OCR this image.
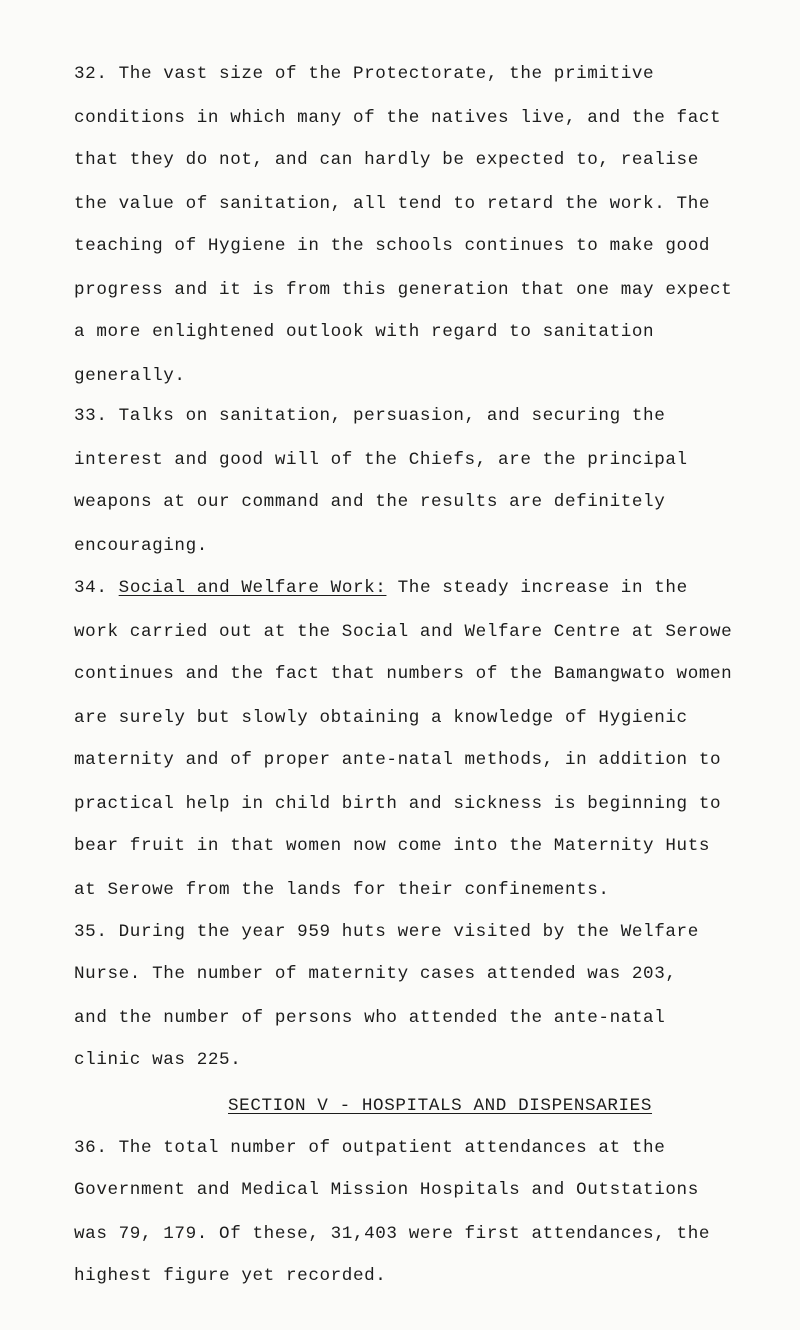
32. The vast size of the Protectorate, the primitive
conditions in which many of the natives live, and the fact
that they do not, and can hardly be expected to, realise
the value of sanitation, all tend to retard the work. The
teaching of Hygiene in the schools continues to make good
progress and it is from this generation that one may expect
a more enlightened outlook with regard to sanitation
generally.
33. Talks on sanitation, persuasion, and securing the
interest and good will of the Chiefs, are the principal
weapons at our command and the results are definitely
encouraging.
34. Social and Welfare Work: The steady increase in the
work carried out at the Social and Welfare Centre at Serowe
continues and the fact that numbers of the Bamangwato women
are surely but slowly obtaining a knowledge of Hygienic
maternity and of proper ante-natal methods, in addition to
practical help in child birth and sickness is beginning to
bear fruit in that women now come into the Maternity Huts
at Serowe from the lands for their confinements.
35. During the year 959 huts were visited by the Welfare
Nurse. The number of maternity cases attended was 203,
and the number of persons who attended the ante-natal
clinic was 225.
SECTION V - HOSPITALS AND DISPENSARIES
36. The total number of outpatient attendances at the
Government and Medical Mission Hospitals and Outstations
was 79, 179. Of these, 31,403 were first attendances, the
highest figure yet recorded.
